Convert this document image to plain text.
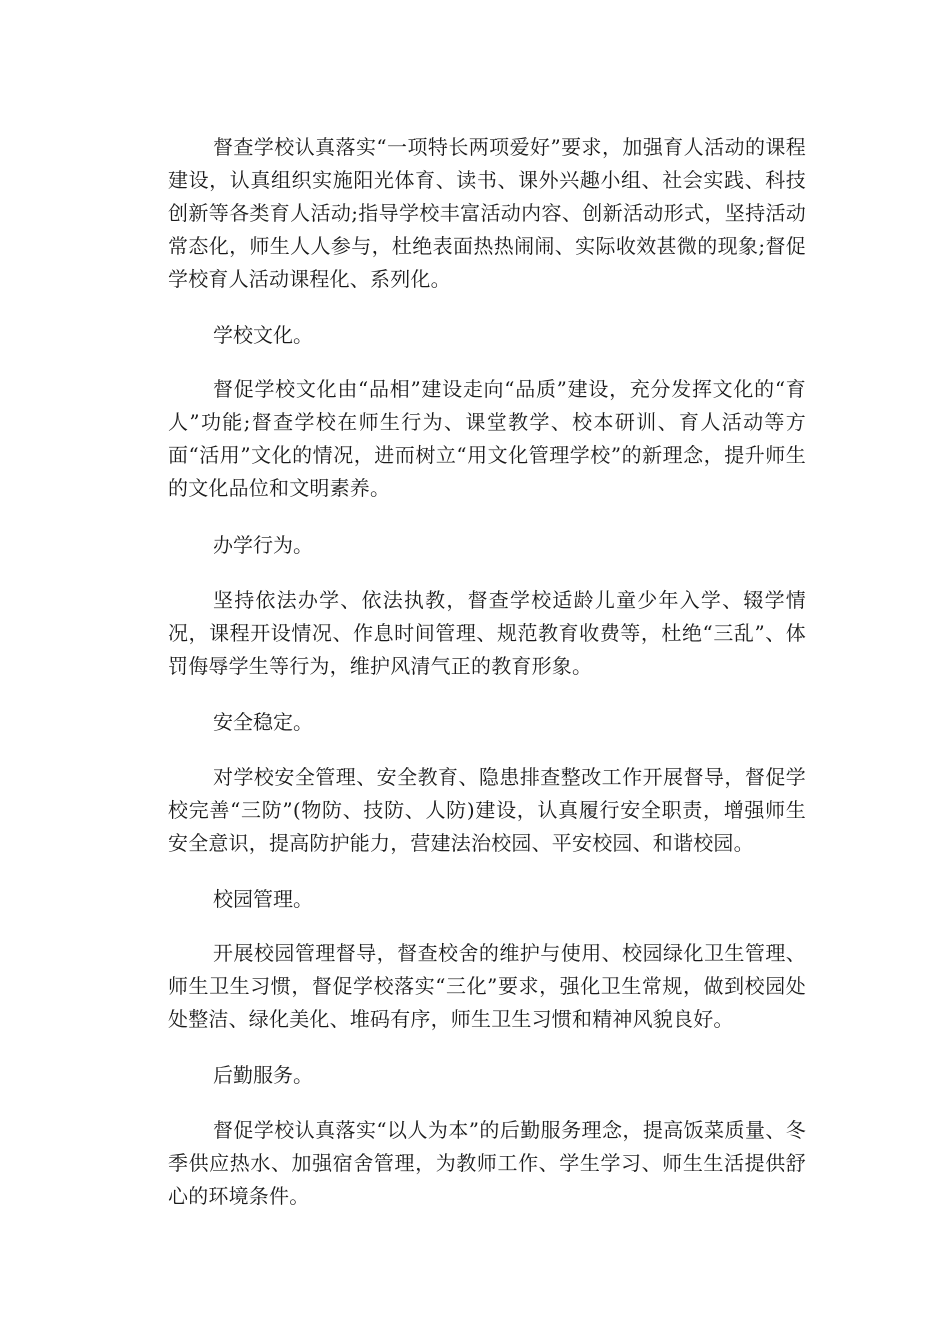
督查学校认真落实“一项特长两项爱好”要求，加强育人活动的课程建设，认真组织实施阳光体育、读书、课外兴趣小组、社会实践、科技创新等各类育人活动;指导学校丰富活动内容、创新活动形式，坚持活动常态化，师生人人参与，杜绝表面热热闹闹、实际收效甚微的现象;督促学校育人活动课程化、系列化。

学校文化。

督促学校文化由“品相”建设走向“品质”建设，充分发挥文化的“育人”功能;督查学校在师生行为、课堂教学、校本研训、育人活动等方面“活用”文化的情况，进而树立“用文化管理学校”的新理念，提升师生的文化品位和文明素养。

办学行为。

坚持依法办学、依法执教，督查学校适龄儿童少年入学、辍学情况，课程开设情况、作息时间管理、规范教育收费等，杜绝“三乱”、体罚侮辱学生等行为，维护风清气正的教育形象。

安全稳定。

对学校安全管理、安全教育、隐患排查整改工作开展督导，督促学校完善“三防”(物防、技防、人防)建设，认真履行安全职责，增强师生安全意识，提高防护能力，营建法治校园、平安校园、和谐校园。

校园管理。

开展校园管理督导，督查校舍的维护与使用、校园绿化卫生管理、师生卫生习惯，督促学校落实“三化”要求，强化卫生常规，做到校园处处整洁、绿化美化、堆码有序，师生卫生习惯和精神风貌良好。

后勤服务。

督促学校认真落实“以人为本”的后勤服务理念，提高饭菜质量、冬季供应热水、加强宿舍管理，为教师工作、学生学习、师生生活提供舒心的环境条件。
